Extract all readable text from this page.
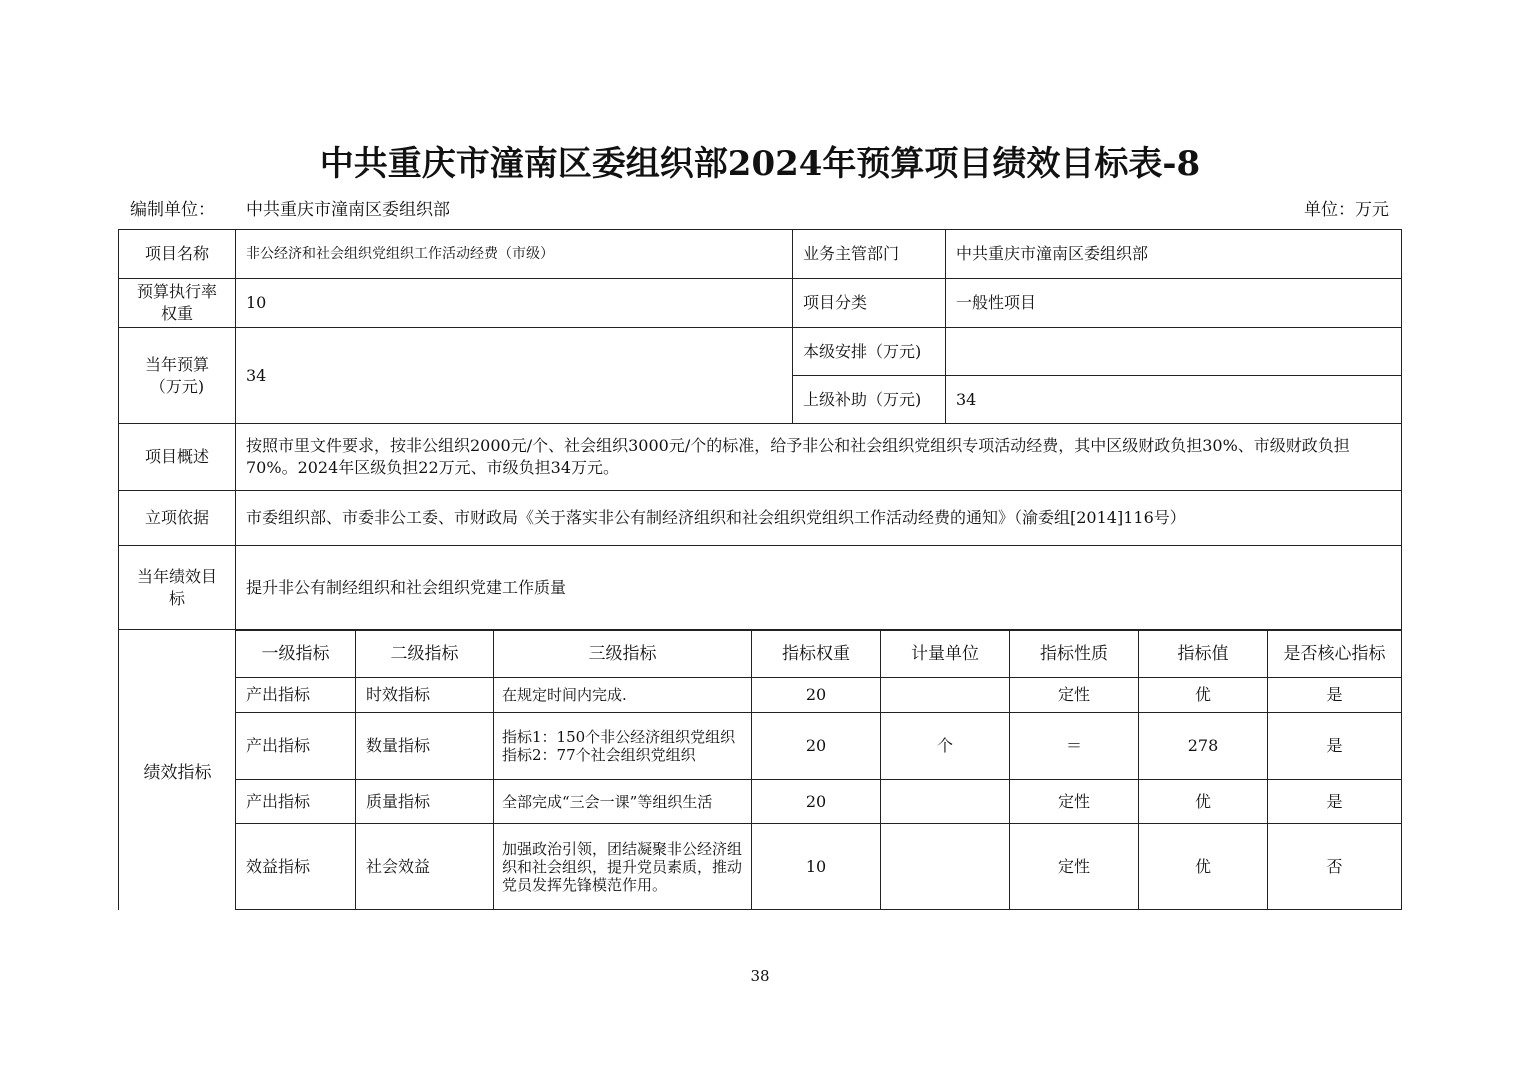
中共重庆市潼南区委组织部2024年预算项目绩效目标表-8
编制单位： 中共重庆市潼南区委组织部	单位：万元
项目名称	非公经济和社会组织党组织工作活动经费（市级）	业务主管部门	中共重庆市潼南区委组织部
预算执行率
权重	10	项目分类	一般性项目
当年预算
（万元)	34	本级安排（万元)	
		上级补助（万元)	34
项目概述	按照市里文件要求，按非公组织2000元/个、社会组织3000元/个的标准，给予非公和社会组织党组织专项活动经费，其中区级财政负担30%、市级财政负担70%。2024年区级负担22万元、市级负担34万元。		
立项依据	市委组织部、市委非公工委、市财政局《关于落实非公有制经济组织和社会组织党组织工作活动经费的通知》（渝委组[2014]116号）		
当年绩效目
标	提升非公有制经组织和社会组织党建工作质量		
绩效指标
一级指标	二级指标	三级指标	指标权重	计量单位	指标性质	指标值	是否核心指标
产出指标	时效指标	在规定时间内完成.	20		定性	优	是
产出指标	数量指标	指标1：150个非公经济组织党组织　　指标2：77个社会组织党组织	20	个	＝	278	是
产出指标	质量指标	全部完成“三会一课”等组织生活	20		定性	优	是
效益指标	社会效益	加强政治引领，团结凝聚非公经济组织和社会组织，提升党员素质，推动党员发挥先锋模范作用。	10		定性	优	否
38
